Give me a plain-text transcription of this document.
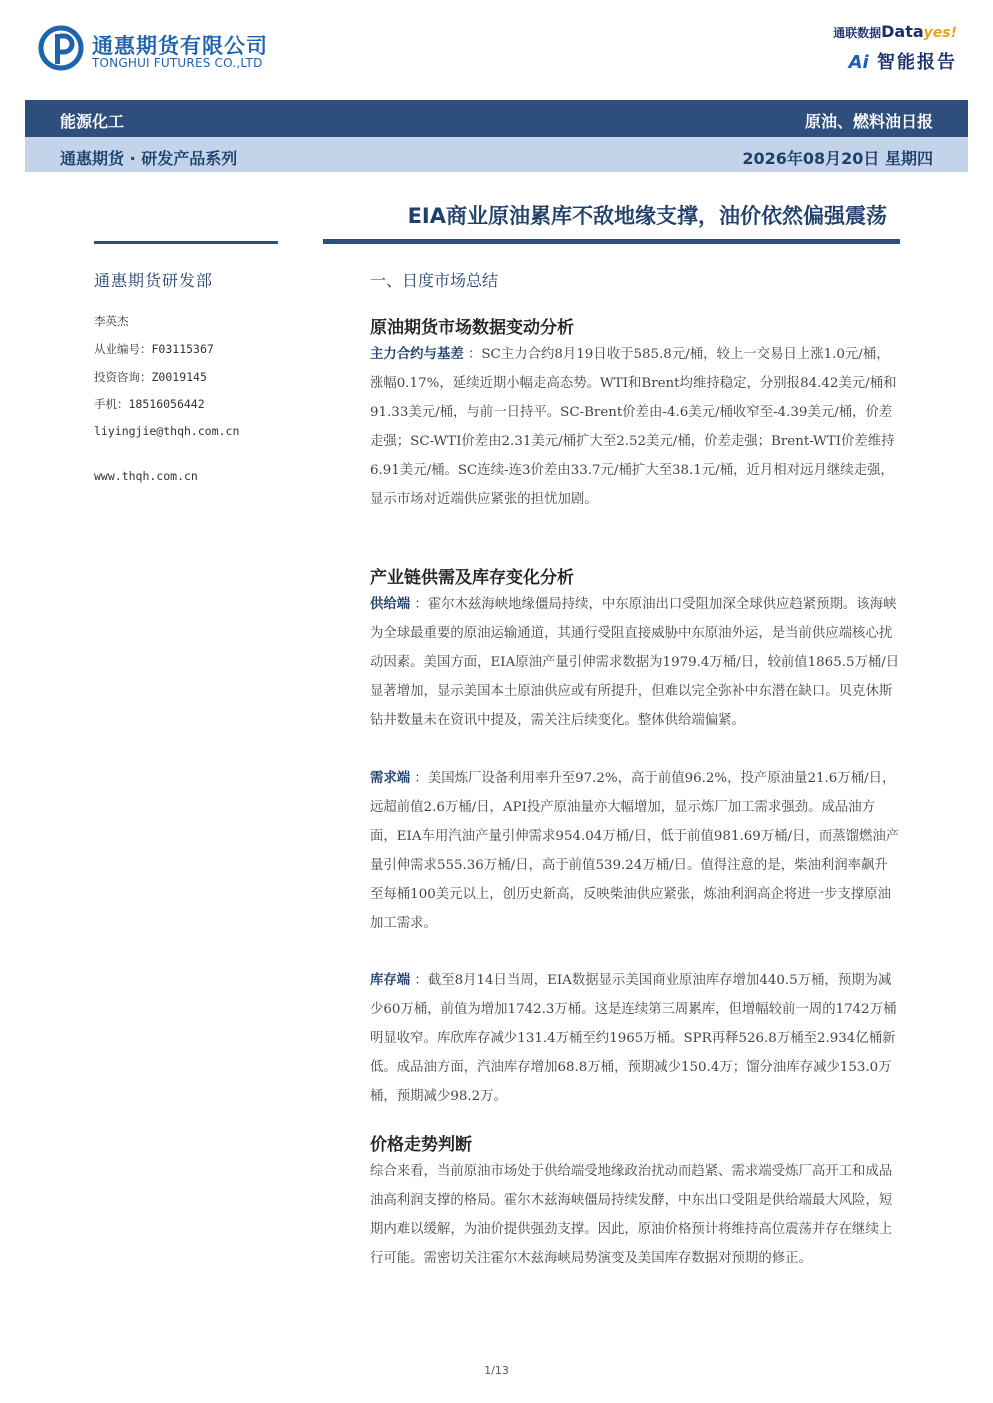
通惠期货有限公司
TONGHUI FUTURES CO.,LTD
通联数据Datayes!
Ai 智能报告
能源化工	原油、燃料油日报
通惠期货 · 研发产品系列	2026年08月20日 星期四
EIA商业原油累库不敌地缘支撑，油价依然偏强震荡
通惠期货研发部
李英杰
从业编号：F03115367
投资咨询：Z0019145
手机：18516056442
liyingjie@thqh.com.cn
www.thqh.com.cn
一、日度市场总结
原油期货市场数据变动分析
主力合约与基差 ：SC主力合约8月19日收于585.8元/桶，较上一交易日上涨1.0元/桶，涨幅0.17%，延续近期小幅走高态势。WTI和Brent均维持稳定，分别报84.42美元/桶和91.33美元/桶，与前一日持平。SC-Brent价差由-4.6美元/桶收窄至-4.39美元/桶，价差走强；SC-WTI价差由2.31美元/桶扩大至2.52美元/桶，价差走强；Brent-WTI价差维持6.91美元/桶。SC连续-连3价差由33.7元/桶扩大至38.1元/桶，近月相对远月继续走强，显示市场对近端供应紧张的担忧加剧。
产业链供需及库存变化分析
供给端 ：霍尔木兹海峡地缘僵局持续，中东原油出口受阻加深全球供应趋紧预期。该海峡为全球最重要的原油运输通道，其通行受阻直接威胁中东原油外运，是当前供应端核心扰动因素。美国方面，EIA原油产量引伸需求数据为1979.4万桶/日，较前值1865.5万桶/日显著增加，显示美国本土原油供应或有所提升，但难以完全弥补中东潜在缺口。贝克休斯钻井数量未在资讯中提及，需关注后续变化。整体供给端偏紧。
需求端 ：美国炼厂设备利用率升至97.2%，高于前值96.2%，投产原油量21.6万桶/日，远超前值2.6万桶/日，API投产原油量亦大幅增加，显示炼厂加工需求强劲。成品油方面，EIA车用汽油产量引伸需求954.04万桶/日，低于前值981.69万桶/日，而蒸馏燃油产量引伸需求555.36万桶/日，高于前值539.24万桶/日。值得注意的是，柴油利润率飙升至每桶100美元以上，创历史新高，反映柴油供应紧张，炼油利润高企将进一步支撑原油加工需求。
库存端 ：截至8月14日当周，EIA数据显示美国商业原油库存增加440.5万桶，预期为减少60万桶，前值为增加1742.3万桶。这是连续第三周累库，但增幅较前一周的1742万桶明显收窄。库欣库存减少131.4万桶至约1965万桶。SPR再释526.8万桶至2.934亿桶新低。成品油方面，汽油库存增加68.8万桶，预期减少150.4万；馏分油库存减少153.0万桶，预期减少98.2万。
价格走势判断
综合来看，当前原油市场处于供给端受地缘政治扰动而趋紧、需求端受炼厂高开工和成品油高利润支撑的格局。霍尔木兹海峡僵局持续发酵，中东出口受阻是供给端最大风险，短期内难以缓解，为油价提供强劲支撑。因此，原油价格预计将维持高位震荡并存在继续上行可能。需密切关注霍尔木兹海峡局势演变及美国库存数据对预期的修正。
1/13
